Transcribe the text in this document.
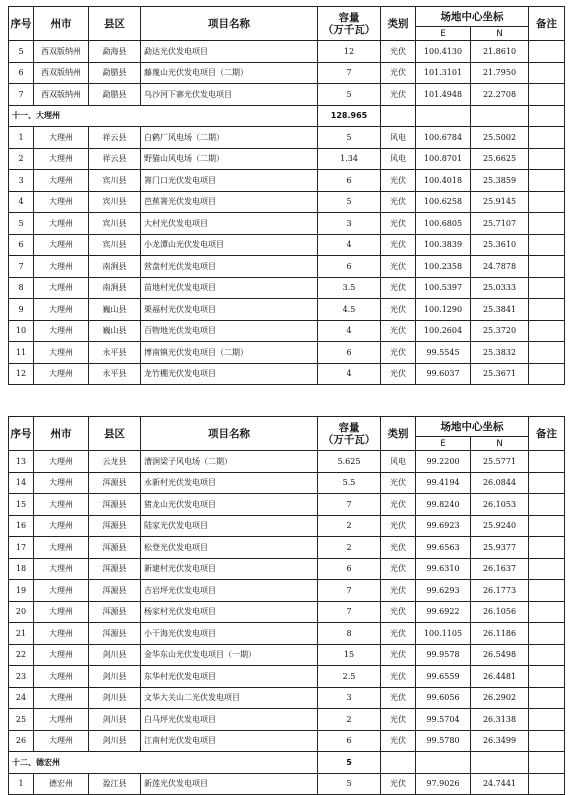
序号	州市	县区	项目名称	容量
（万千瓦）	类别	场地中心坐标		备注
						E	N	
5	西双版纳州	勐海县	勐达光伏发电项目	12	光伏	100.4130	21.8610	
6	西双版纳州	勐腊县	藤蔑山光伏发电项目（二期）	7	光伏	101.3101	21.7950	
7	西双版纳州	勐腊县	乌沙河下寨光伏发电项目	5	光伏	101.4948	22.2708	
十一、大理州				128.965				
1	大理州	祥云县	白鹤厂风电场（二期）	5	风电	100.6784	25.5002	
2	大理州	祥云县	野猫山风电场（二期）	1.34	风电	100.8701	25.6625	
3	大理州	宾川县	箐门口光伏发电项目	6	光伏	100.4018	25.3859	
4	大理州	宾川县	芭蕉箐光伏发电项目	5	光伏	100.6258	25.9145	
5	大理州	宾川县	大村光伏发电项目	3	光伏	100.6805	25.7107	
6	大理州	宾川县	小龙潭山光伏发电项目	4	光伏	100.3839	25.3610	
7	大理州	南涧县	营盘村光伏发电项目	6	光伏	100.2358	24.7878	
8	大理州	南涧县	苗地村光伏发电项目	3.5	光伏	100.5397	25.0333	
9	大理州	巍山县	栗福村光伏发电项目	4.5	光伏	100.1290	25.3841	
10	大理州	巍山县	百物地光伏发电项目	4	光伏	100.2604	25.3720	
11	大理州	永平县	博南镇光伏发电项目（二期）	6	光伏	99.5545	25.3832	
12	大理州	永平县	龙竹棚光伏发电项目	4	光伏	99.6037	25.3671	
序号	州市	县区	项目名称	容量
（万千瓦）	类别	场地中心坐标		备注
						E	N	
13	大理州	云龙县	漕涧梁子风电场（二期）	5.625	风电	99.2200	25.5771	
14	大理州	洱源县	永新村光伏发电项目	5.5	光伏	99.4194	26.0844	
15	大理州	洱源县	猪龙山光伏发电项目	7	光伏	99.8240	26.1053	
16	大理州	洱源县	陆家光伏发电项目	2	光伏	99.6923	25.9240	
17	大理州	洱源县	松登光伏发电项目	2	光伏	99.6563	25.9377	
18	大理州	洱源县	新建村光伏发电项目	6	光伏	99.6310	26.1637	
19	大理州	洱源县	吉岩坪光伏发电项目	7	光伏	99.6293	26.1773	
20	大理州	洱源县	杨家村光伏发电项目	7	光伏	99.6922	26.1056	
21	大理州	洱源县	小干海光伏发电项目	8	光伏	100.1105	26.1186	
22	大理州	剑川县	金华东山光伏发电项目（一期）	15	光伏	99.9578	26.5498	
23	大理州	剑川县	东华村光伏发电项目	2.5	光伏	99.6559	26.4481	
24	大理州	剑川县	文华大关山二光伏发电项目	3	光伏	99.6056	26.2902	
25	大理州	剑川县	白马坪光伏发电项目	2	光伏	99.5704	26.3138	
26	大理州	剑川县	江南村光伏发电项目	6	光伏	99.5780	26.3499	
十二、德宏州				5				
1	德宏州	盈江县	新莲光伏发电项目	5	光伏	97.9026	24.7441	
